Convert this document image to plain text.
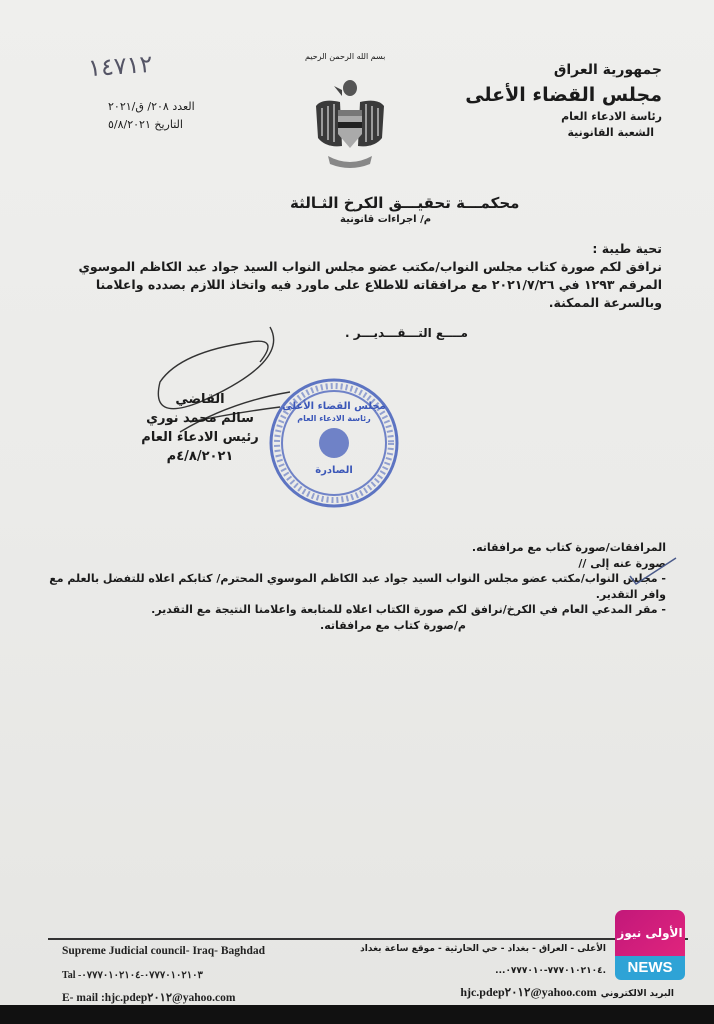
بسم الله الرحمن الرحيم
جمهورية العراق
مجلس القضاء الأعلى
رئاسة الادعاء العام
الشعبة القانونية
١٤٧١٢
العدد ٢٠٨/ ق/٢٠٢١
التاريخ ٥/٨/٢٠٢١
محكمـــة تحقيـــق الكرخ الثـالثة
م/ اجراءات قانونية
تحية طيبة :
نرافق لكم صورة كتاب مجلس النواب/مكتب عضو مجلس النواب السيد جواد عبد الكاظم الموسوي المرقم ١٢٩٣ في ٢٠٢١/٧/٢٦ مع مرافقاته للاطلاع على ماورد فيه واتخاذ اللازم بصدده واعلامنا وبالسرعة الممكنة.
مــــع التـــقـــديـــر .
القاضي
سالم محمد نوري
رئيس الادعاء العام
٤/٨/٢٠٢١م
مجلس القضاء الأعلى
رئاسة الادعاء العام
الصادرة
المرافقات/صورة كتاب مع مرافقاته.
صورة عنه إلى //
- مجلس النواب/مكتب عضو مجلس النواب السيد جواد عبد الكاظم الموسوي المحترم/ كتابكم اعلاه للتفضل بالعلم مع وافر التقدير.
- مقر المدعي العام في الكرخ/نرافق لكم صورة الكتاب اعلاه للمتابعة واعلامنا النتيجة مع التقدير.
م/صورة كتاب مع مرافقاته.
Supreme Judicial council- Iraq- Baghdad
Tal -٠٧٧٧٠١٠٢١٠٣-٠٧٧٧٠١٠٢١٠٤
E- mail :hjc.pdep٢٠١٢@yahoo.com
الأعلى - العراق - بغداد - حي الحارثية - موقع ساعة بغداد
.٧٧٧٠١٠٢١٠٤-٠٧٧٧٠١٠...
البريد الالكتروني hjc.pdep٢٠١٢@yahoo.com
الأولى نيوز
NEWS
